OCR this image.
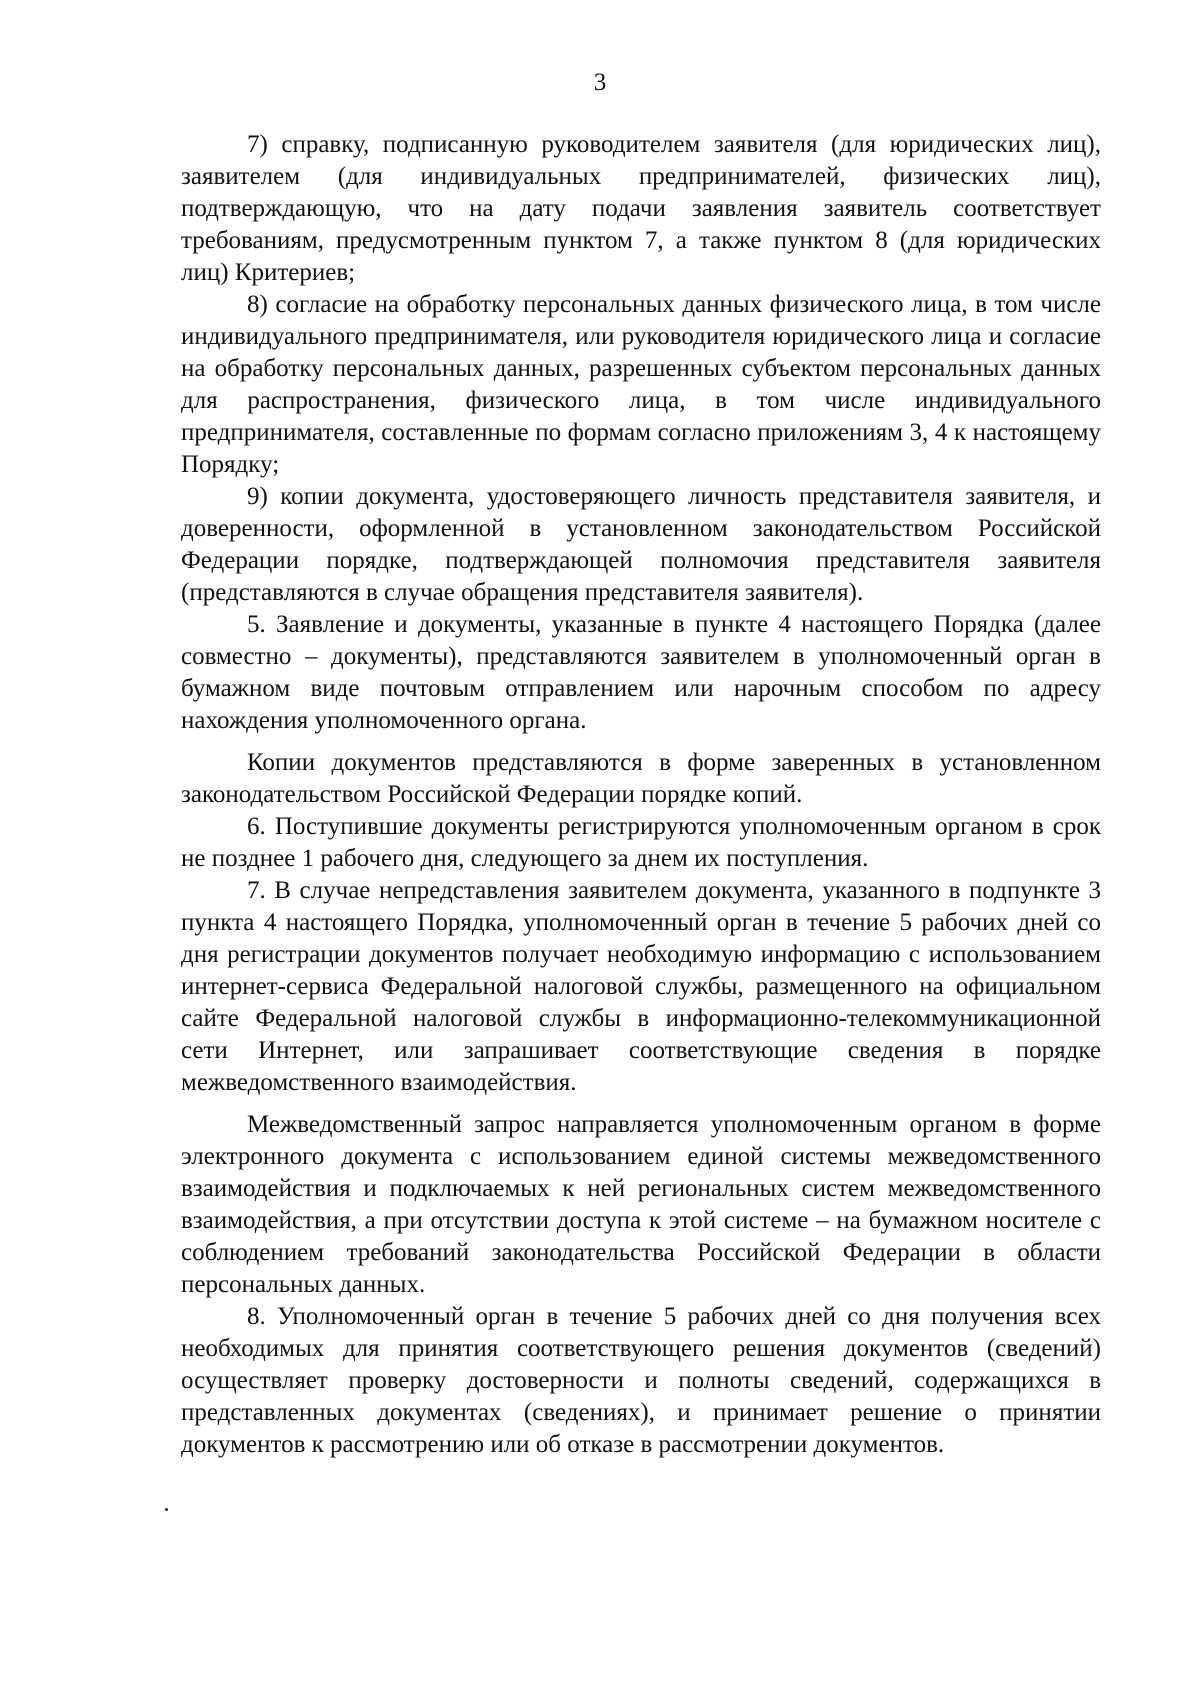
3

7) справку, подписанную руководителем заявителя (для юридических лиц), заявителем (для индивидуальных предпринимателей, физических лиц), подтверждающую, что на дату подачи заявления заявитель соответствует требованиям, предусмотренным пунктом 7, а также пунктом 8 (для юридических лиц) Критериев;

8) согласие на обработку персональных данных физического лица, в том числе индивидуального предпринимателя, или руководителя юридического лица и согласие на обработку персональных данных, разрешенных субъектом персональных данных для распространения, физического лица, в том числе индивидуального предпринимателя, составленные по формам согласно приложениям 3, 4 к настоящему Порядку;

9) копии документа, удостоверяющего личность представителя заявителя, и доверенности, оформленной в установленном законодательством Российской Федерации порядке, подтверждающей полномочия представителя заявителя (представляются в случае обращения представителя заявителя).

5. Заявление и документы, указанные в пункте 4 настоящего Порядка (далее совместно – документы), представляются заявителем в уполномоченный орган в бумажном виде почтовым отправлением или нарочным способом по адресу нахождения уполномоченного органа.

Копии документов представляются в форме заверенных в установленном законодательством Российской Федерации порядке копий.

6. Поступившие документы регистрируются уполномоченным органом в срок не позднее 1 рабочего дня, следующего за днем их поступления.

7. В случае непредставления заявителем документа, указанного в подпункте 3 пункта 4 настоящего Порядка, уполномоченный орган в течение 5 рабочих дней со дня регистрации документов получает необходимую информацию с использованием интернет-сервиса Федеральной налоговой службы, размещенного на официальном сайте Федеральной налоговой службы в информационно-телекоммуникационной сети Интернет, или запрашивает соответствующие сведения в порядке межведомственного взаимодействия.

Межведомственный запрос направляется уполномоченным органом в форме электронного документа с использованием единой системы межведомственного взаимодействия и подключаемых к ней региональных систем межведомственного взаимодействия, а при отсутствии доступа к этой системе – на бумажном носителе с соблюдением требований законодательства Российской Федерации в области персональных данных.

8. Уполномоченный орган в течение 5 рабочих дней со дня получения всех необходимых для принятия соответствующего решения документов (сведений) осуществляет проверку достоверности и полноты сведений, содержащихся в представленных документах (сведениях), и принимает решение о принятии документов к рассмотрению или об отказе в рассмотрении документов.
